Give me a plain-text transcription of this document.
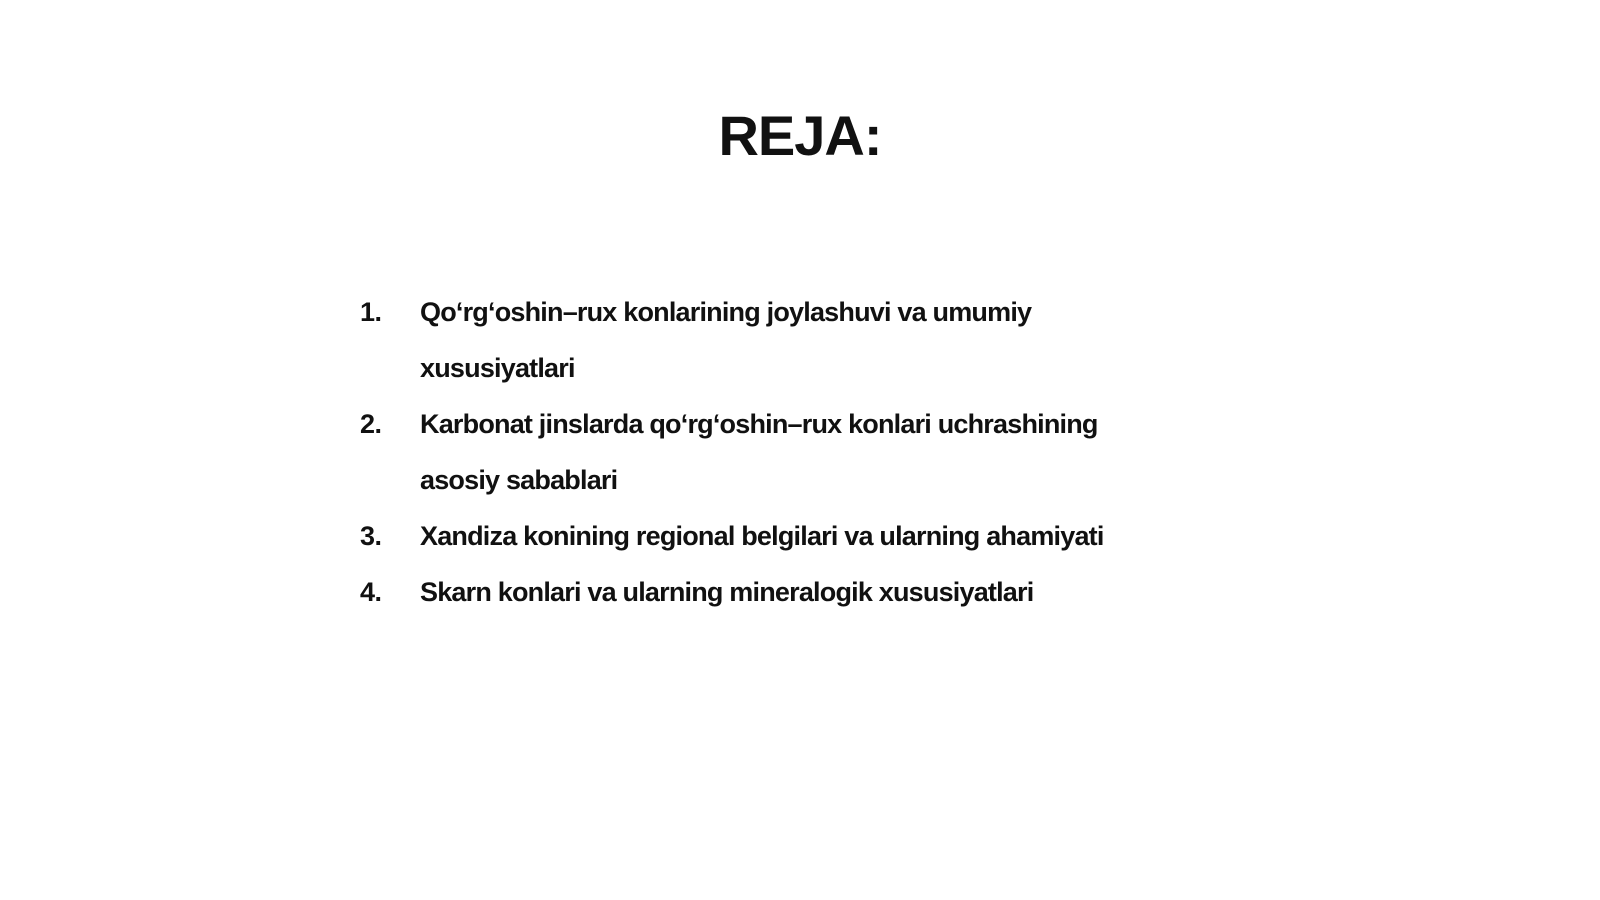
REJA:
1.	Qo‘rg‘oshin–rux konlarining joylashuvi va umumiy xususiyatlari
2.	Karbonat jinslarda qo‘rg‘oshin–rux konlari uchrashining asosiy sabablari
3.	Xandiza konining regional belgilari va ularning ahamiyati
4.	Skarn konlari va ularning mineralogik xususiyatlari
